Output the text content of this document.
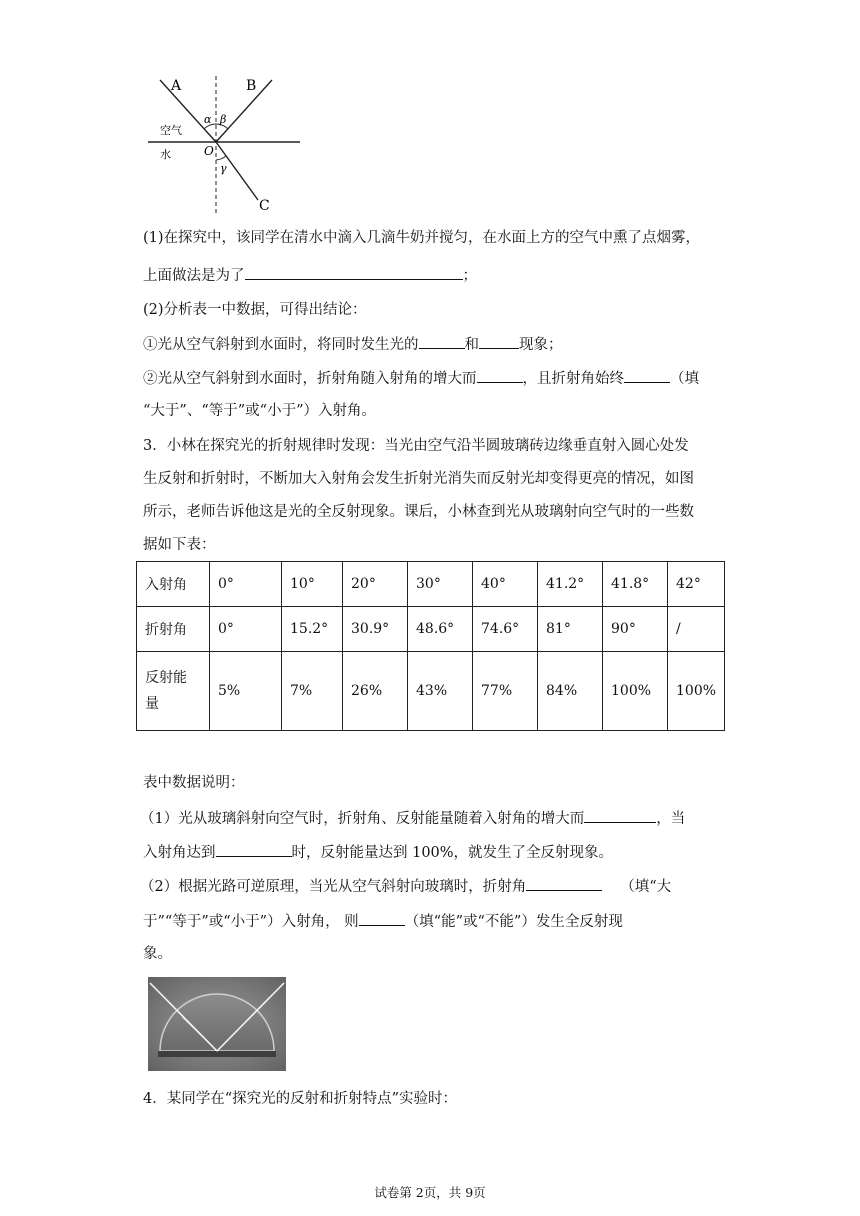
A	B
C
空气
水	O
α β
γ
(1)在探究中，该同学在清水中滴入几滴牛奶并搅匀，在水面上方的空气中熏了点烟雾，
上面做法是为了	；
(2)分析表一中数据，可得出结论：
①光从空气斜射到水面时，将同时发生光的	和	现象；
②光从空气斜射到水面时，折射角随入射角的增大而	，且折射角始终	（填
“大于”、“等于”或“小于”）入射角。
3．小林在探究光的折射规律时发现：当光由空气沿半圆玻璃砖边缘垂直射入圆心处发
生反射和折射时，不断加大入射角会发生折射光消失而反射光却变得更亮的情况，如图
所示，老师告诉他这是光的全反射现象。课后，小林查到光从玻璃射向空气时的一些数
据如下表：
入射角	0°	10°	20°	30°	40°	41.2°	41.8°	42°
折射角	0°	15.2°	30.9°	48.6°	74.6°	81°	90°	/

反射能
量	5%	7%	26%	43%	77%	84%	100%	100%
表中数据说明：
（1）光从玻璃斜射向空气时，折射角、反射能量随着入射角的增大而	，当
入射角达到	时，反射能量达到 100%，就发生了全反射现象。
（2）根据光路可逆原理，当光从空气斜射向玻璃时，折射角	（填“大
于”“等于”或“小于”）入射角， 则	（填“能”或“不能”）发生全反射现
象。
4．某同学在“探究光的反射和折射特点”实验时：
试卷第 2页，共 9页
